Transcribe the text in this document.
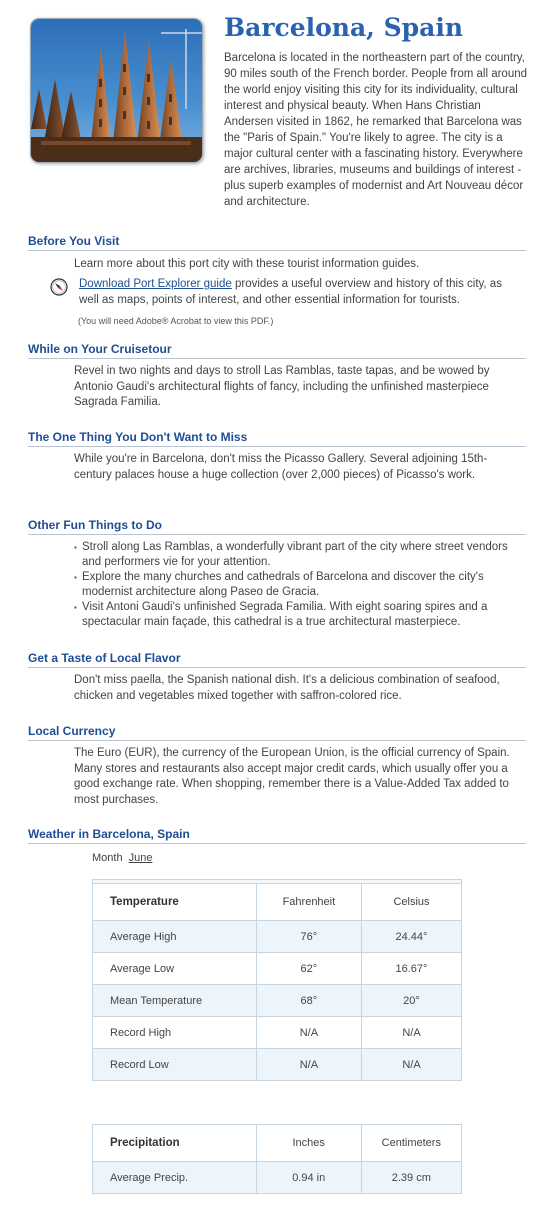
Barcelona, Spain

Barcelona is located in the northeastern part of the country, 90 miles south of the French border. People from all around the world enjoy visiting this city for its individuality, cultural interest and physical beauty. When Hans Christian Andersen visited in 1862, he remarked that Barcelona was the "Paris of Spain." You're likely to agree. The city is a major cultural center with a fascinating history. Everywhere are archives, libraries, museums and buildings of interest - plus superb examples of modernist and Art Nouveau décor and architecture.

Before You Visit

Learn more about this port city with these tourist information guides.

Download Port Explorer guide provides a useful overview and history of this city, as well as maps, points of interest, and other essential information for tourists.

(You will need Adobe® Acrobat to view this PDF.)

While on Your Cruisetour

Revel in two nights and days to stroll Las Ramblas, taste tapas, and be wowed by Antonio Gaudi's architectural flights of fancy, including the unfinished masterpiece Sagrada Familia.

The One Thing You Don't Want to Miss

While you're in Barcelona, don't miss the Picasso Gallery. Several adjoining 15th-century palaces house a huge collection (over 2,000 pieces) of Picasso's work.

Other Fun Things to Do
▪ Stroll along Las Ramblas, a wonderfully vibrant part of the city where street vendors and performers vie for your attention.
▪ Explore the many churches and cathedrals of Barcelona and discover the city's modernist architecture along Paseo de Gracia.
▪ Visit Antoni Gaudi's unfinished Segrada Familia. With eight soaring spires and a spectacular main façade, this cathedral is a true architectural masterpiece.
Get a Taste of Local Flavor

Don't miss paella, the Spanish national dish. It's a delicious combination of seafood, chicken and vegetables mixed together with saffron-colored rice.

Local Currency

The Euro (EUR), the currency of the European Union, is the official currency of Spain. Many stores and restaurants also accept major credit cards, which usually offer you a good exchange rate. When shopping, remember there is a Value-Added Tax added to most purchases.

Weather in Barcelona, Spain
Month June
Temperature	Fahrenheit	Celsius
Average High	76°	24.44°
Average Low	62°	16.67°
Mean Temperature	68°	20°
Record High	N/A	N/A
Record Low	N/A	N/A
Precipitation	Inches	Centimeters
Average Precip.	0.94 in	2.39 cm
